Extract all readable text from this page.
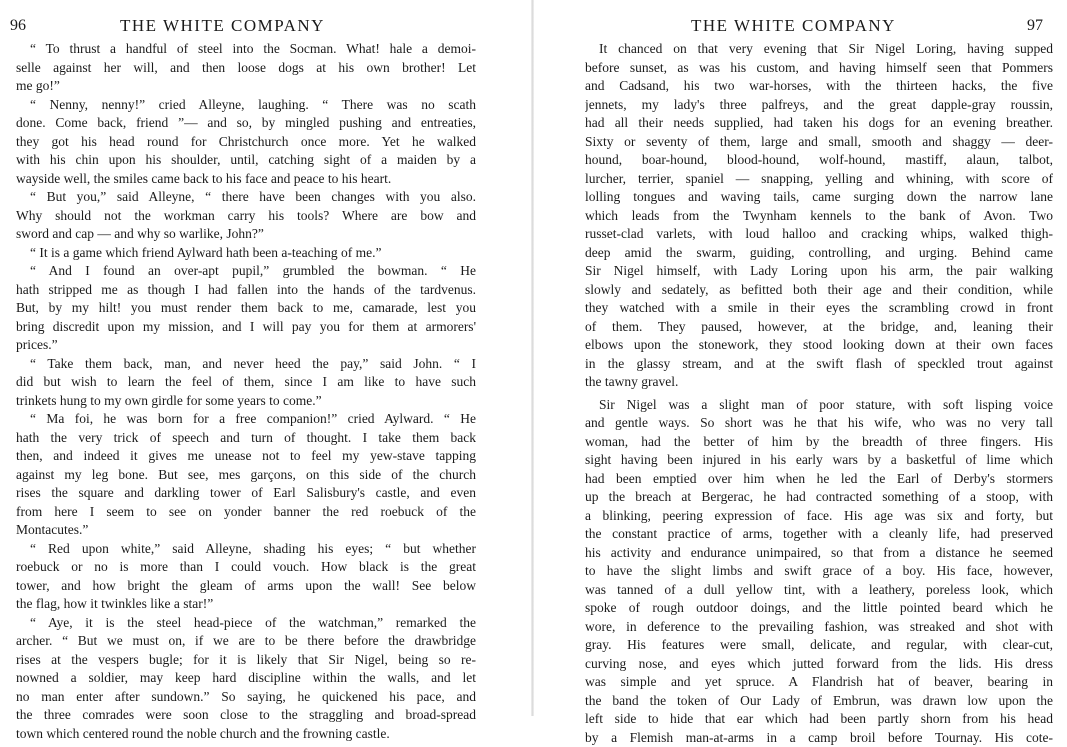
96	THE WHITE COMPANY
“ To thrust a handful of steel into the Socman. What! hale a demoi-
selle against her will, and then loose dogs at his own brother! Let
me go!”
“ Nenny, nenny!” cried Alleyne, laughing. “ There was no scath
done. Come back, friend ”— and so, by mingled pushing and entreaties,
they got his head round for Christchurch once more. Yet he walked
with his chin upon his shoulder, until, catching sight of a maiden by a
wayside well, the smiles came back to his face and peace to his heart.
“ But you,” said Alleyne, “ there have been changes with you also.
Why should not the workman carry his tools? Where are bow and
sword and cap — and why so warlike, John?”
“ It is a game which friend Aylward hath been a-teaching of me.”
“ And I found an over-apt pupil,” grumbled the bowman. “ He
hath stripped me as though I had fallen into the hands of the tardvenus.
But, by my hilt! you must render them back to me, camarade, lest you
bring discredit upon my mission, and I will pay you for them at armorers'
prices.”
“ Take them back, man, and never heed the pay,” said John. “ I
did but wish to learn the feel of them, since I am like to have such
trinkets hung to my own girdle for some years to come.”
“ Ma foi, he was born for a free companion!” cried Aylward. “ He
hath the very trick of speech and turn of thought. I take them back
then, and indeed it gives me unease not to feel my yew-stave tapping
against my leg bone. But see, mes garçons, on this side of the church
rises the square and darkling tower of Earl Salisbury's castle, and even
from here I seem to see on yonder banner the red roebuck of the
Montacutes.”
“ Red upon white,” said Alleyne, shading his eyes; “ but whether
roebuck or no is more than I could vouch. How black is the great
tower, and how bright the gleam of arms upon the wall! See below
the flag, how it twinkles like a star!”
“ Aye, it is the steel head-piece of the watchman,” remarked the
archer. “ But we must on, if we are to be there before the drawbridge
rises at the vespers bugle; for it is likely that Sir Nigel, being so re-
nowned a soldier, may keep hard discipline within the walls, and let
no man enter after sundown.” So saying, he quickened his pace, and
the three comrades were soon close to the straggling and broad-spread
town which centered round the noble church and the frowning castle.
THE WHITE COMPANY	97
It chanced on that very evening that Sir Nigel Loring, having supped
before sunset, as was his custom, and having himself seen that Pommers
and Cadsand, his two war-horses, with the thirteen hacks, the five
jennets, my lady's three palfreys, and the great dapple-gray roussin,
had all their needs supplied, had taken his dogs for an evening breather.
Sixty or seventy of them, large and small, smooth and shaggy — deer-
hound, boar-hound, blood-hound, wolf-hound, mastiff, alaun, talbot,
lurcher, terrier, spaniel — snapping, yelling and whining, with score of
lolling tongues and waving tails, came surging down the narrow lane
which leads from the Twynham kennels to the bank of Avon. Two
russet-clad varlets, with loud halloo and cracking whips, walked thigh-
deep amid the swarm, guiding, controlling, and urging. Behind came
Sir Nigel himself, with Lady Loring upon his arm, the pair walking
slowly and sedately, as befitted both their age and their condition, while
they watched with a smile in their eyes the scrambling crowd in front
of them. They paused, however, at the bridge, and, leaning their
elbows upon the stonework, they stood looking down at their own faces
in the glassy stream, and at the swift flash of speckled trout against
the tawny gravel.
Sir Nigel was a slight man of poor stature, with soft lisping voice
and gentle ways. So short was he that his wife, who was no very tall
woman, had the better of him by the breadth of three fingers. His
sight having been injured in his early wars by a basketful of lime which
had been emptied over him when he led the Earl of Derby's stormers
up the breach at Bergerac, he had contracted something of a stoop, with
a blinking, peering expression of face. His age was six and forty, but
the constant practice of arms, together with a cleanly life, had preserved
his activity and endurance unimpaired, so that from a distance he seemed
to have the slight limbs and swift grace of a boy. His face, however,
was tanned of a dull yellow tint, with a leathery, poreless look, which
spoke of rough outdoor doings, and the little pointed beard which he
wore, in deference to the prevailing fashion, was streaked and shot with
gray. His features were small, delicate, and regular, with clear-cut,
curving nose, and eyes which jutted forward from the lids. His dress
was simple and yet spruce. A Flandrish hat of beaver, bearing in
the band the token of Our Lady of Embrun, was drawn low upon the
left side to hide that ear which had been partly shorn from his head
by a Flemish man-at-arms in a camp broil before Tournay. His cote-
